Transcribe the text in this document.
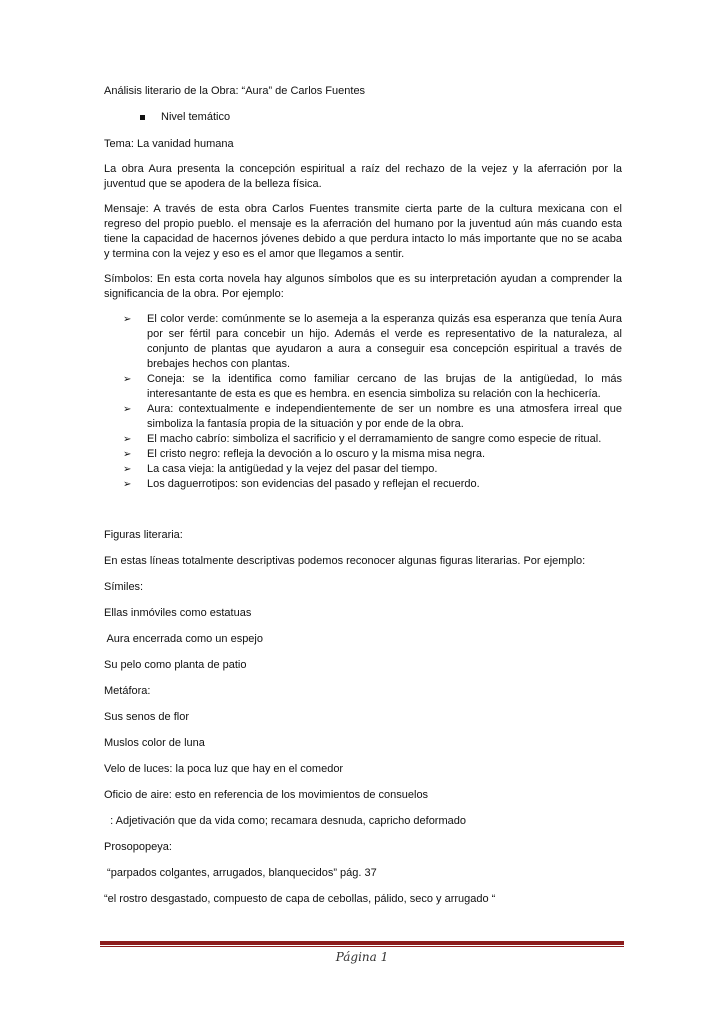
Análisis literario de la Obra: “Aura” de Carlos Fuentes

Nivel temático

Tema: La vanidad humana

La obra Aura presenta la concepción espiritual a raíz del rechazo de la vejez y la aferración por la juventud que se apodera de la belleza física.

Mensaje: A través de esta obra Carlos Fuentes transmite cierta parte de la cultura mexicana con el regreso del propio pueblo. el mensaje es la aferración del humano por la juventud aún más cuando esta tiene la capacidad de hacernos jóvenes debido a que perdura intacto lo más importante que no se acaba y termina con la vejez y eso es el amor que llegamos a sentir.

Símbolos: En esta corta novela hay algunos símbolos que es su interpretación ayudan a comprender la significancia de la obra. Por ejemplo:

➢	El color verde: comúnmente se lo asemeja a la esperanza quizás esa esperanza que tenía Aura por ser fértil para concebir un hijo. Además el verde es representativo de la naturaleza, al conjunto de plantas que ayudaron a aura a conseguir esa concepción espiritual a través de brebajes hechos con plantas.
➢	Coneja: se la identifica como familiar cercano de las brujas de la antigüedad, lo más interesantante de esta es que es hembra. en esencia simboliza su relación con la hechicería.
➢	Aura: contextualmente e independientemente de ser un nombre es una atmosfera irreal que simboliza la fantasía propia de la situación y por ende de la obra.
➢	El macho cabrío: simboliza el sacrificio y el derramamiento de sangre como especie de ritual.
➢	El cristo negro: refleja la devoción a lo oscuro y la misma misa negra.
➢	La casa vieja: la antigüedad y la vejez del pasar del tiempo.
➢	Los daguerrotipos: son evidencias del pasado y reflejan el recuerdo.

Figuras literaria:

En estas líneas totalmente descriptivas podemos reconocer algunas figuras literarias. Por ejemplo:

Símiles:

Ellas inmóviles como estatuas

Aura encerrada como un espejo

Su pelo como planta de patio

Metáfora:

Sus senos de flor

Muslos color de luna

Velo de luces: la poca luz que hay en el comedor

Oficio de aire: esto en referencia de los movimientos de consuelos

: Adjetivación que da vida como; recamara desnuda, capricho deformado

Prosopopeya:

“parpados colgantes, arrugados, blanquecidos” pág. 37

“el rostro desgastado, compuesto de capa de cebollas, pálido, seco y arrugado “

Página 1
